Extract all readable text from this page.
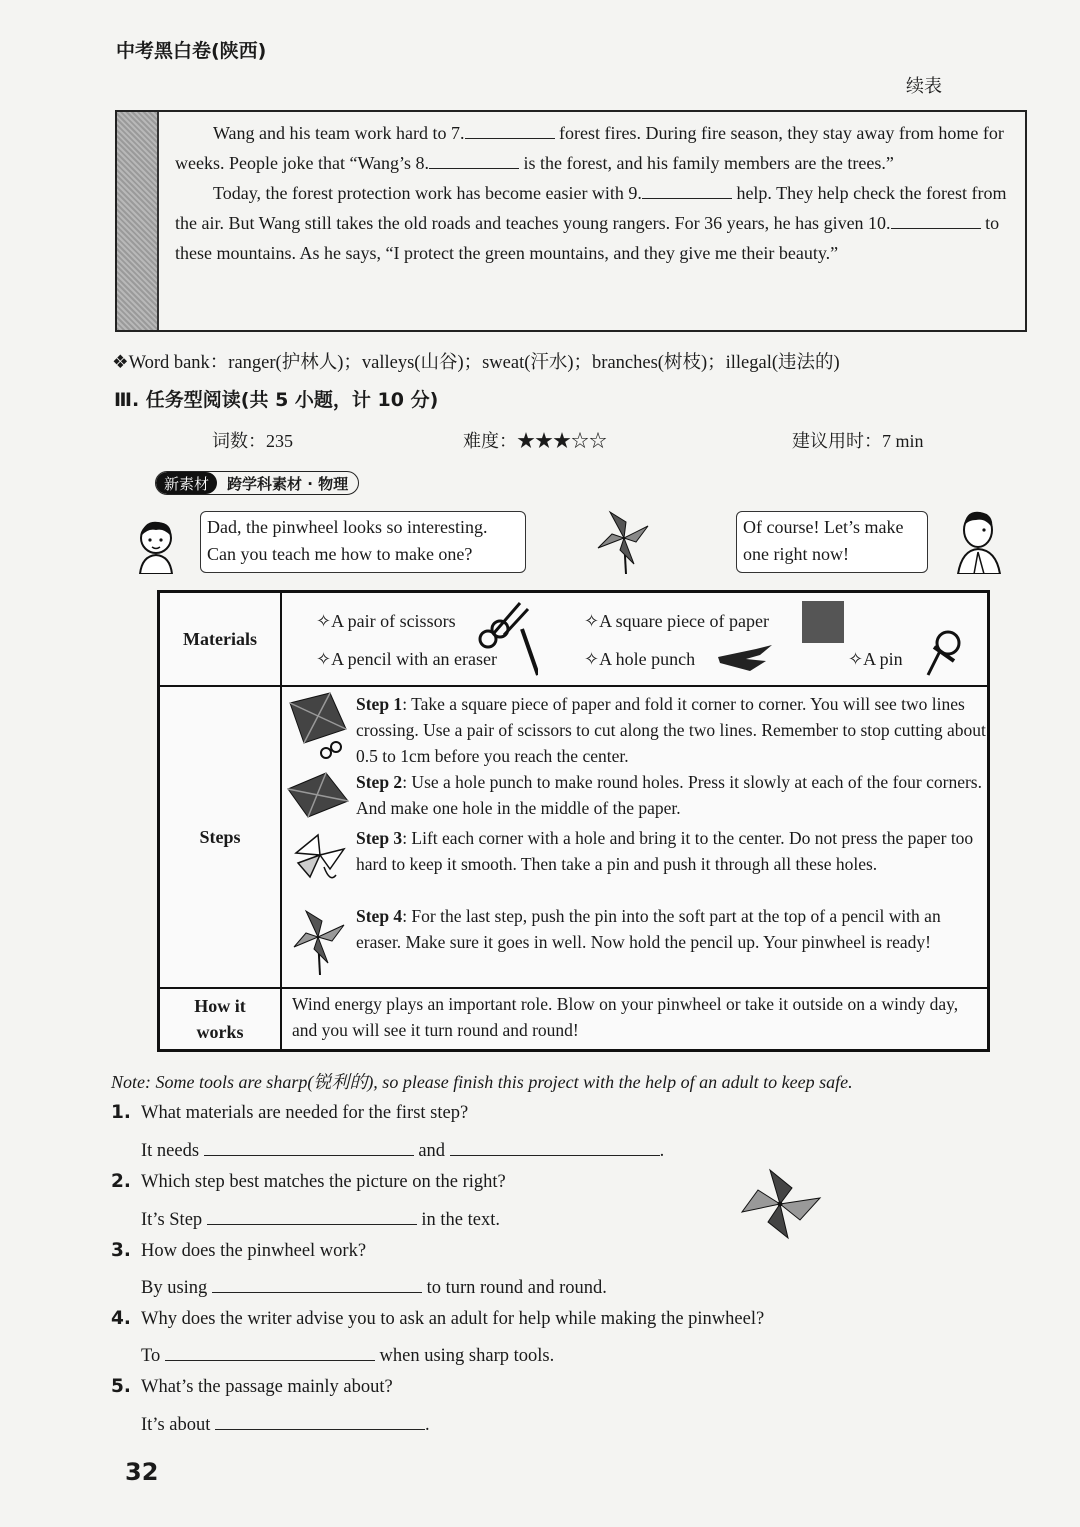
中考黑白卷(陕西)
续表

Wang and his team work hard to 7.	forest fires. During fire season, they stay away from home for weeks. People joke that “Wang’s 8.	is the forest, and his family members are the trees.”

Today, the forest protection work has become easier with 9.	help. They help check the forest from the air. But Wang still takes the old roads and teaches young rangers. For 36 years, he has given 10.	to these mountains. As he says, “I protect the green mountains, and they give me their beauty.”

❖Word bank：ranger(护林人)；valleys(山谷)；sweat(汗水)；branches(树枝)；illegal(违法的)
Ⅲ. 任务型阅读(共 5 小题，计 10 分)
词数：235	难度：★★★☆☆	建议用时：7 min
新素材	跨学科素材 · 物理
Dad, the pinwheel looks so interesting.
Can you teach me how to make one?
Of course! Let’s make
one right now!
Materials
✧A pair of scissors	✧A square piece of paper
✧A pencil with an eraser	✧A hole punch	✧A pin
Steps
Step 1: Take a square piece of paper and fold it corner to corner. You will see two lines crossing. Use a pair of scissors to cut along the two lines. Remember to stop cutting about 0.5 to 1cm before you reach the center.
Step 2: Use a hole punch to make round holes. Press it slowly at each of the four corners. And make one hole in the middle of the paper.
Step 3: Lift each corner with a hole and bring it to the center. Do not press the paper too hard to keep it smooth. Then take a pin and push it through all these holes.
Step 4: For the last step, push the pin into the soft part at the top of a pencil with an eraser. Make sure it goes in well. Now hold the pencil up. Your pinwheel is ready!
How it
works
Wind energy plays an important role. Blow on your pinwheel or take it outside on a windy day, and you will see it turn round and round!
Note: Some tools are sharp(锐利的), so please finish this project with the help of an adult to keep safe.
1. What materials are needed for the first step?
It needs	and	.
2. Which step best matches the picture on the right?
It’s Step	in the text.
3. How does the pinwheel work?
By using	to turn round and round.
4. Why does the writer advise you to ask an adult for help while making the pinwheel?
To	when using sharp tools.
5. What’s the passage mainly about?
It’s about	.
32
